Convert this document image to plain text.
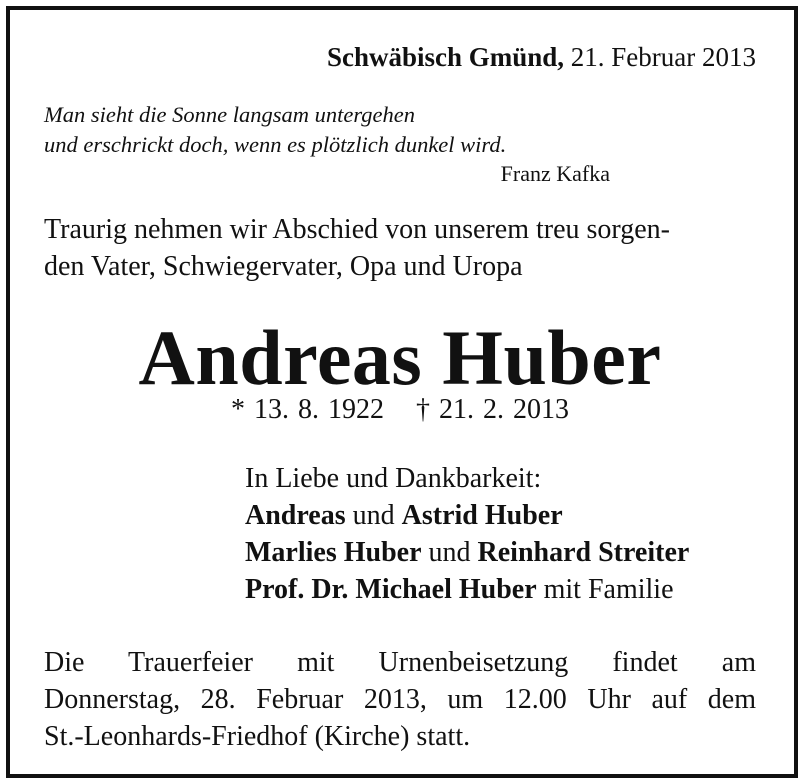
Schwäbisch Gmünd, 21. Februar 2013
Man sieht die Sonne langsam untergehen
und erschrickt doch, wenn es plötzlich dunkel wird.
Franz Kafka
Traurig nehmen wir Abschied von unserem treu sorgen-
den Vater, Schwiegervater, Opa und Uropa
Andreas Huber
* 13. 8. 1922 † 21. 2. 2013
In Liebe und Dankbarkeit:
Andreas und Astrid Huber
Marlies Huber und Reinhard Streiter
Prof. Dr. Michael Huber mit Familie
Die Trauerfeier mit Urnenbeisetzung findet am
Donnerstag, 28. Februar 2013, um 12.00 Uhr auf dem
St.-Leonhards-Friedhof (Kirche) statt.
